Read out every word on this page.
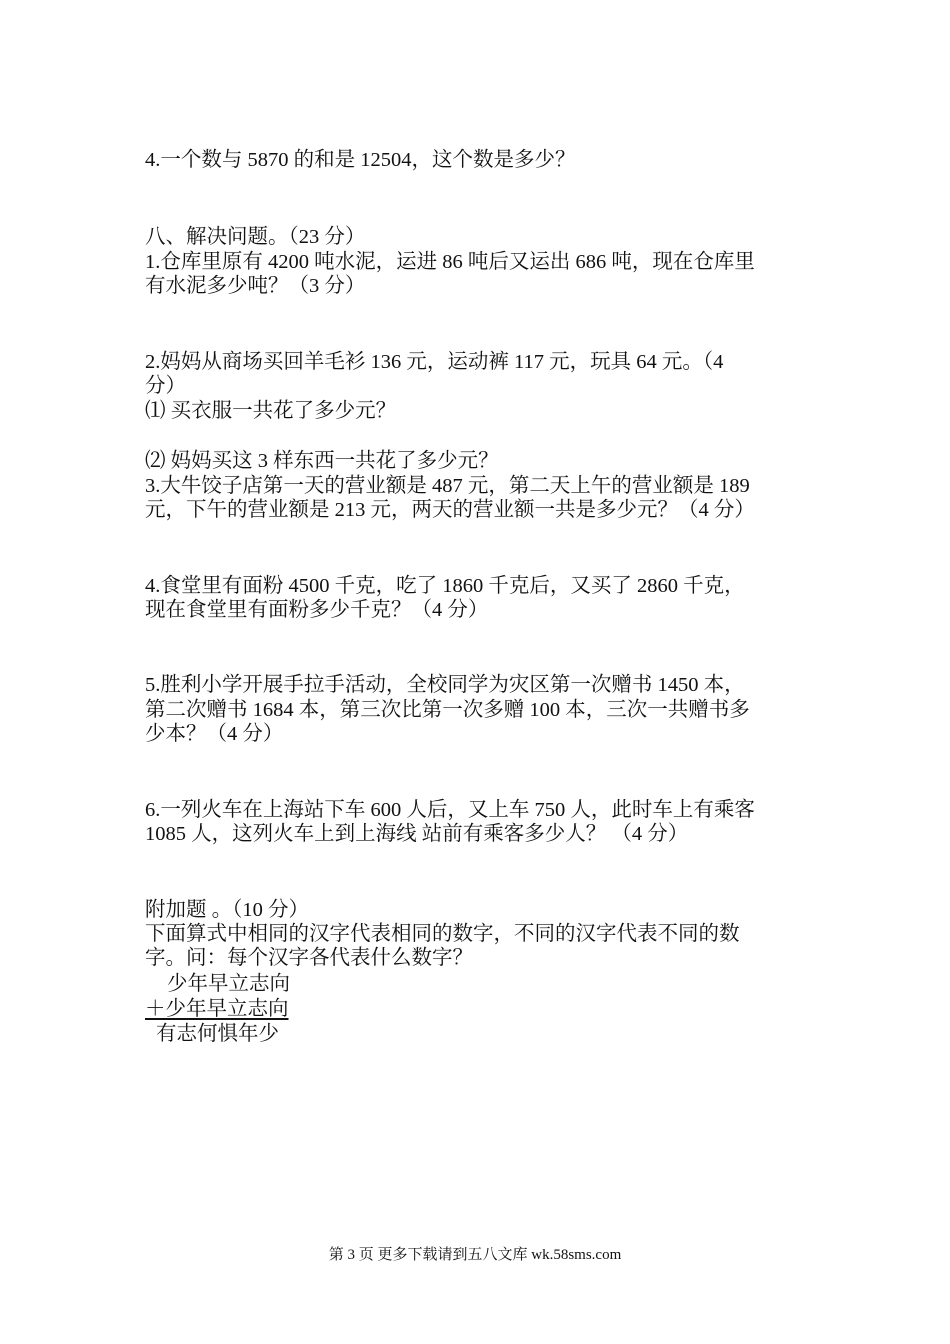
4.一个数与 5870 的和是 12504，这个数是多少？
八、解决问题。（23 分）
1.仓库里原有 4200 吨水泥，运进 86 吨后又运出 686 吨，现在仓库里
有水泥多少吨？（3 分）
2.妈妈从商场买回羊毛衫 136 元，运动裤 117 元，玩具 64 元。（4
分）
⑴ 买衣服一共花了多少元？
⑵ 妈妈买这 3 样东西一共花了多少元？
3.大牛饺子店第一天的营业额是 487 元，第二天上午的营业额是 189
元，下午的营业额是 213 元，两天的营业额一共是多少元？（4 分）
4.食堂里有面粉 4500 千克，吃了 1860 千克后，又买了 2860 千克，
现在食堂里有面粉多少千克？（4 分）
5.胜利小学开展手拉手活动，全校同学为灾区第一次赠书 1450 本，
第二次赠书 1684 本，第三次比第一次多赠 100 本，三次一共赠书多
少本？（4 分）
6.一列火车在上海站下车 600 人后，又上车 750 人，此时车上有乘客
1085 人，这列火车上到上海线 站前有乘客多少人？ （4 分）
附加题 。（10 分）
下面算式中相同的汉字代表相同的数字，不同的汉字代表不同的数
字。问：每个汉字各代表什么数字？
少年早立志向
＋少年早立志向
有志何惧年少
第 3 页 更多下载请到五八文库 wk.58sms.com
